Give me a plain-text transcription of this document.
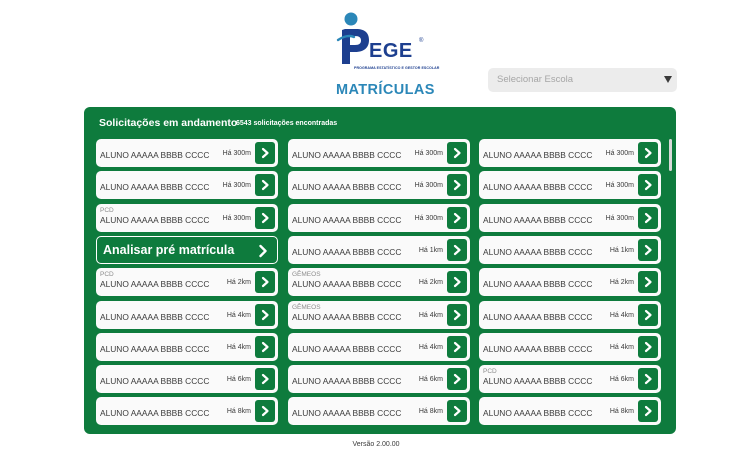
EGE ®
PROGRAMA ESTATÍSTICO E GESTOR ESCOLAR
MATRÍCULAS
Selecionar Escola
Solicitações em andamento
6543 solicitações encontradas
ALUNO AAAAA BBBB CCCC Há 300m
ALUNO AAAAA BBBB CCCC Há 300m
PCD
ALUNO AAAAA BBBB CCCC Há 300m
Analisar pré matrícula
PCD
ALUNO AAAAA BBBB CCCC Há 2km
ALUNO AAAAA BBBB CCCC Há 4km
ALUNO AAAAA BBBB CCCC Há 4km
ALUNO AAAAA BBBB CCCC Há 6km
ALUNO AAAAA BBBB CCCC Há 8km
ALUNO AAAAA BBBB CCCC Há 300m
ALUNO AAAAA BBBB CCCC Há 300m
ALUNO AAAAA BBBB CCCC Há 300m
ALUNO AAAAA BBBB CCCC Há 1km
GÊMEOS
ALUNO AAAAA BBBB CCCC Há 2km
GÊMEOS
ALUNO AAAAA BBBB CCCC Há 4km
ALUNO AAAAA BBBB CCCC Há 4km
ALUNO AAAAA BBBB CCCC Há 6km
ALUNO AAAAA BBBB CCCC Há 8km
ALUNO AAAAA BBBB CCCC Há 300m
ALUNO AAAAA BBBB CCCC Há 300m
ALUNO AAAAA BBBB CCCC Há 300m
ALUNO AAAAA BBBB CCCC Há 1km
ALUNO AAAAA BBBB CCCC Há 2km
ALUNO AAAAA BBBB CCCC Há 4km
ALUNO AAAAA BBBB CCCC Há 4km
PCD
ALUNO AAAAA BBBB CCCC Há 6km
ALUNO AAAAA BBBB CCCC Há 8km
Versão 2.00.00
